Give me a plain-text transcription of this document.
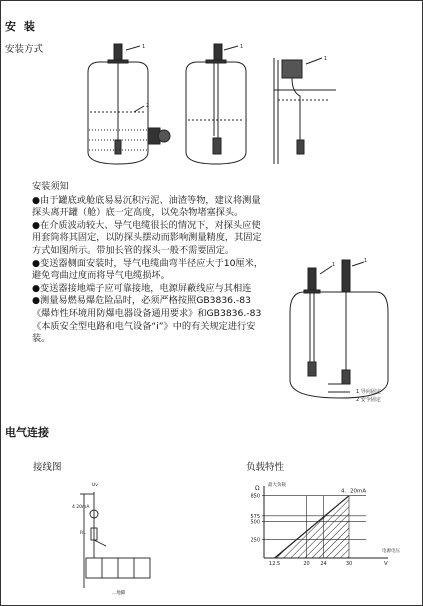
安 装
安装方式	1
2
1
1

安装须知

●由于罐底或舱底易易沉积污泥、油渣等物，建议将测量探头离开罐（舱）底一定高度，以免杂物堵塞探头。

●在介质波动较大、导气电缆很长的情况下，对探头应使用套筒将其固定，以防探头摆动而影响测量精度，其固定方式如图所示。带加长管的探头一般不需要固定。

●变送器侧面安装时，导气电缆曲弯半径应大于10厘米，避免弯曲过度而将导气电缆损坏。

●变送器接地端子应可靠接地，电源屏蔽线应与其相连

●测量易燃易爆危险品时，必须严格按照GB3836.-83《爆炸性环境用防爆电器设备通用要求》和GB3836.-83《本质安全型电路和电气设备“i”》中的有关规定进行安装。

1
1
1 导向固定
2 安全固定
电气连接
接线图	负载特性
Uv
4 20mA
RL
...地脚
850
575
500
250
12.5	20 24	30
Ω 最大负载
电源电压
V
4．20mA
